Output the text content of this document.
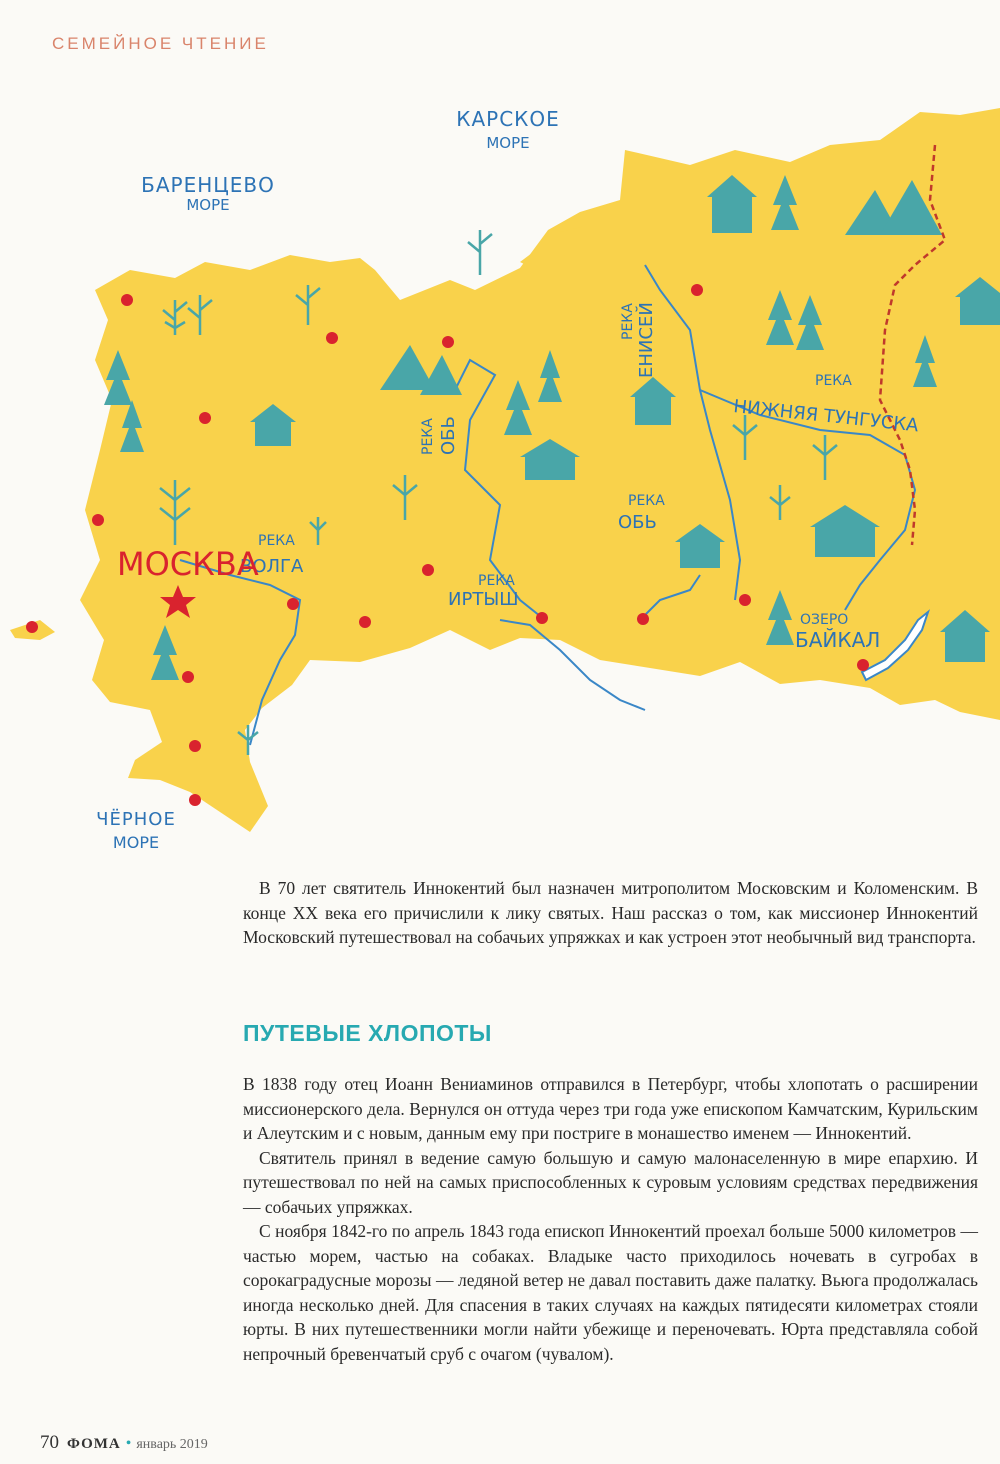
СЕМЕЙНОЕ ЧТЕНИЕ
БАРЕНЦЕВО
МОРЕ
КАРСКОЕ
МОРЕ
ЧЁРНОЕ
МОРЕ
РЕКА
ВОЛГА
РЕКА ОБЬ
РЕКА
ОБЬ
РЕКА
ИРТЫШ
РЕКА ЕНИСЕЙ
РЕКА
НИЖНЯЯ ТУНГУСКА
ОЗЕРО
БАЙКАЛ
МОСКВА

В 70 лет святитель Иннокентий был назначен митрополитом Московским и Коломенским. В конце XX века его причислили к лику святых. Наш рассказ о том, как миссионер Иннокентий Московский путешествовал на собачьих упряжках и как устроен этот необычный вид транспорта.

ПУТЕВЫЕ ХЛОПОТЫ

В 1838 году отец Иоанн Вениаминов отправился в Петербург, чтобы хлопотать о расширении миссионерского дела. Вернулся он оттуда через три года уже епископом Камчатским, Курильским и Алеутским и с новым, данным ему при постриге в монашество именем — Иннокентий.

Святитель принял в ведение самую большую и самую малонаселенную в мире епархию. И путешествовал по ней на самых приспособленных к суровым условиям средствах передвижения — собачьих упряжках.

С ноября 1842-го по апрель 1843 года епископ Иннокентий проехал больше 5000 километров — частью морем, частью на собаках. Владыке часто приходилось ночевать в сугробах в сорокаградусные морозы — ледяной ветер не давал поставить даже палатку. Вьюга продолжалась иногда несколько дней. Для спасения в таких случаях на каждых пятидесяти километрах стояли юрты. В них путешественники могли найти убежище и переночевать. Юрта представляла собой непрочный бревенчатый сруб с очагом (чувалом).

70 ФОМА • январь 2019
